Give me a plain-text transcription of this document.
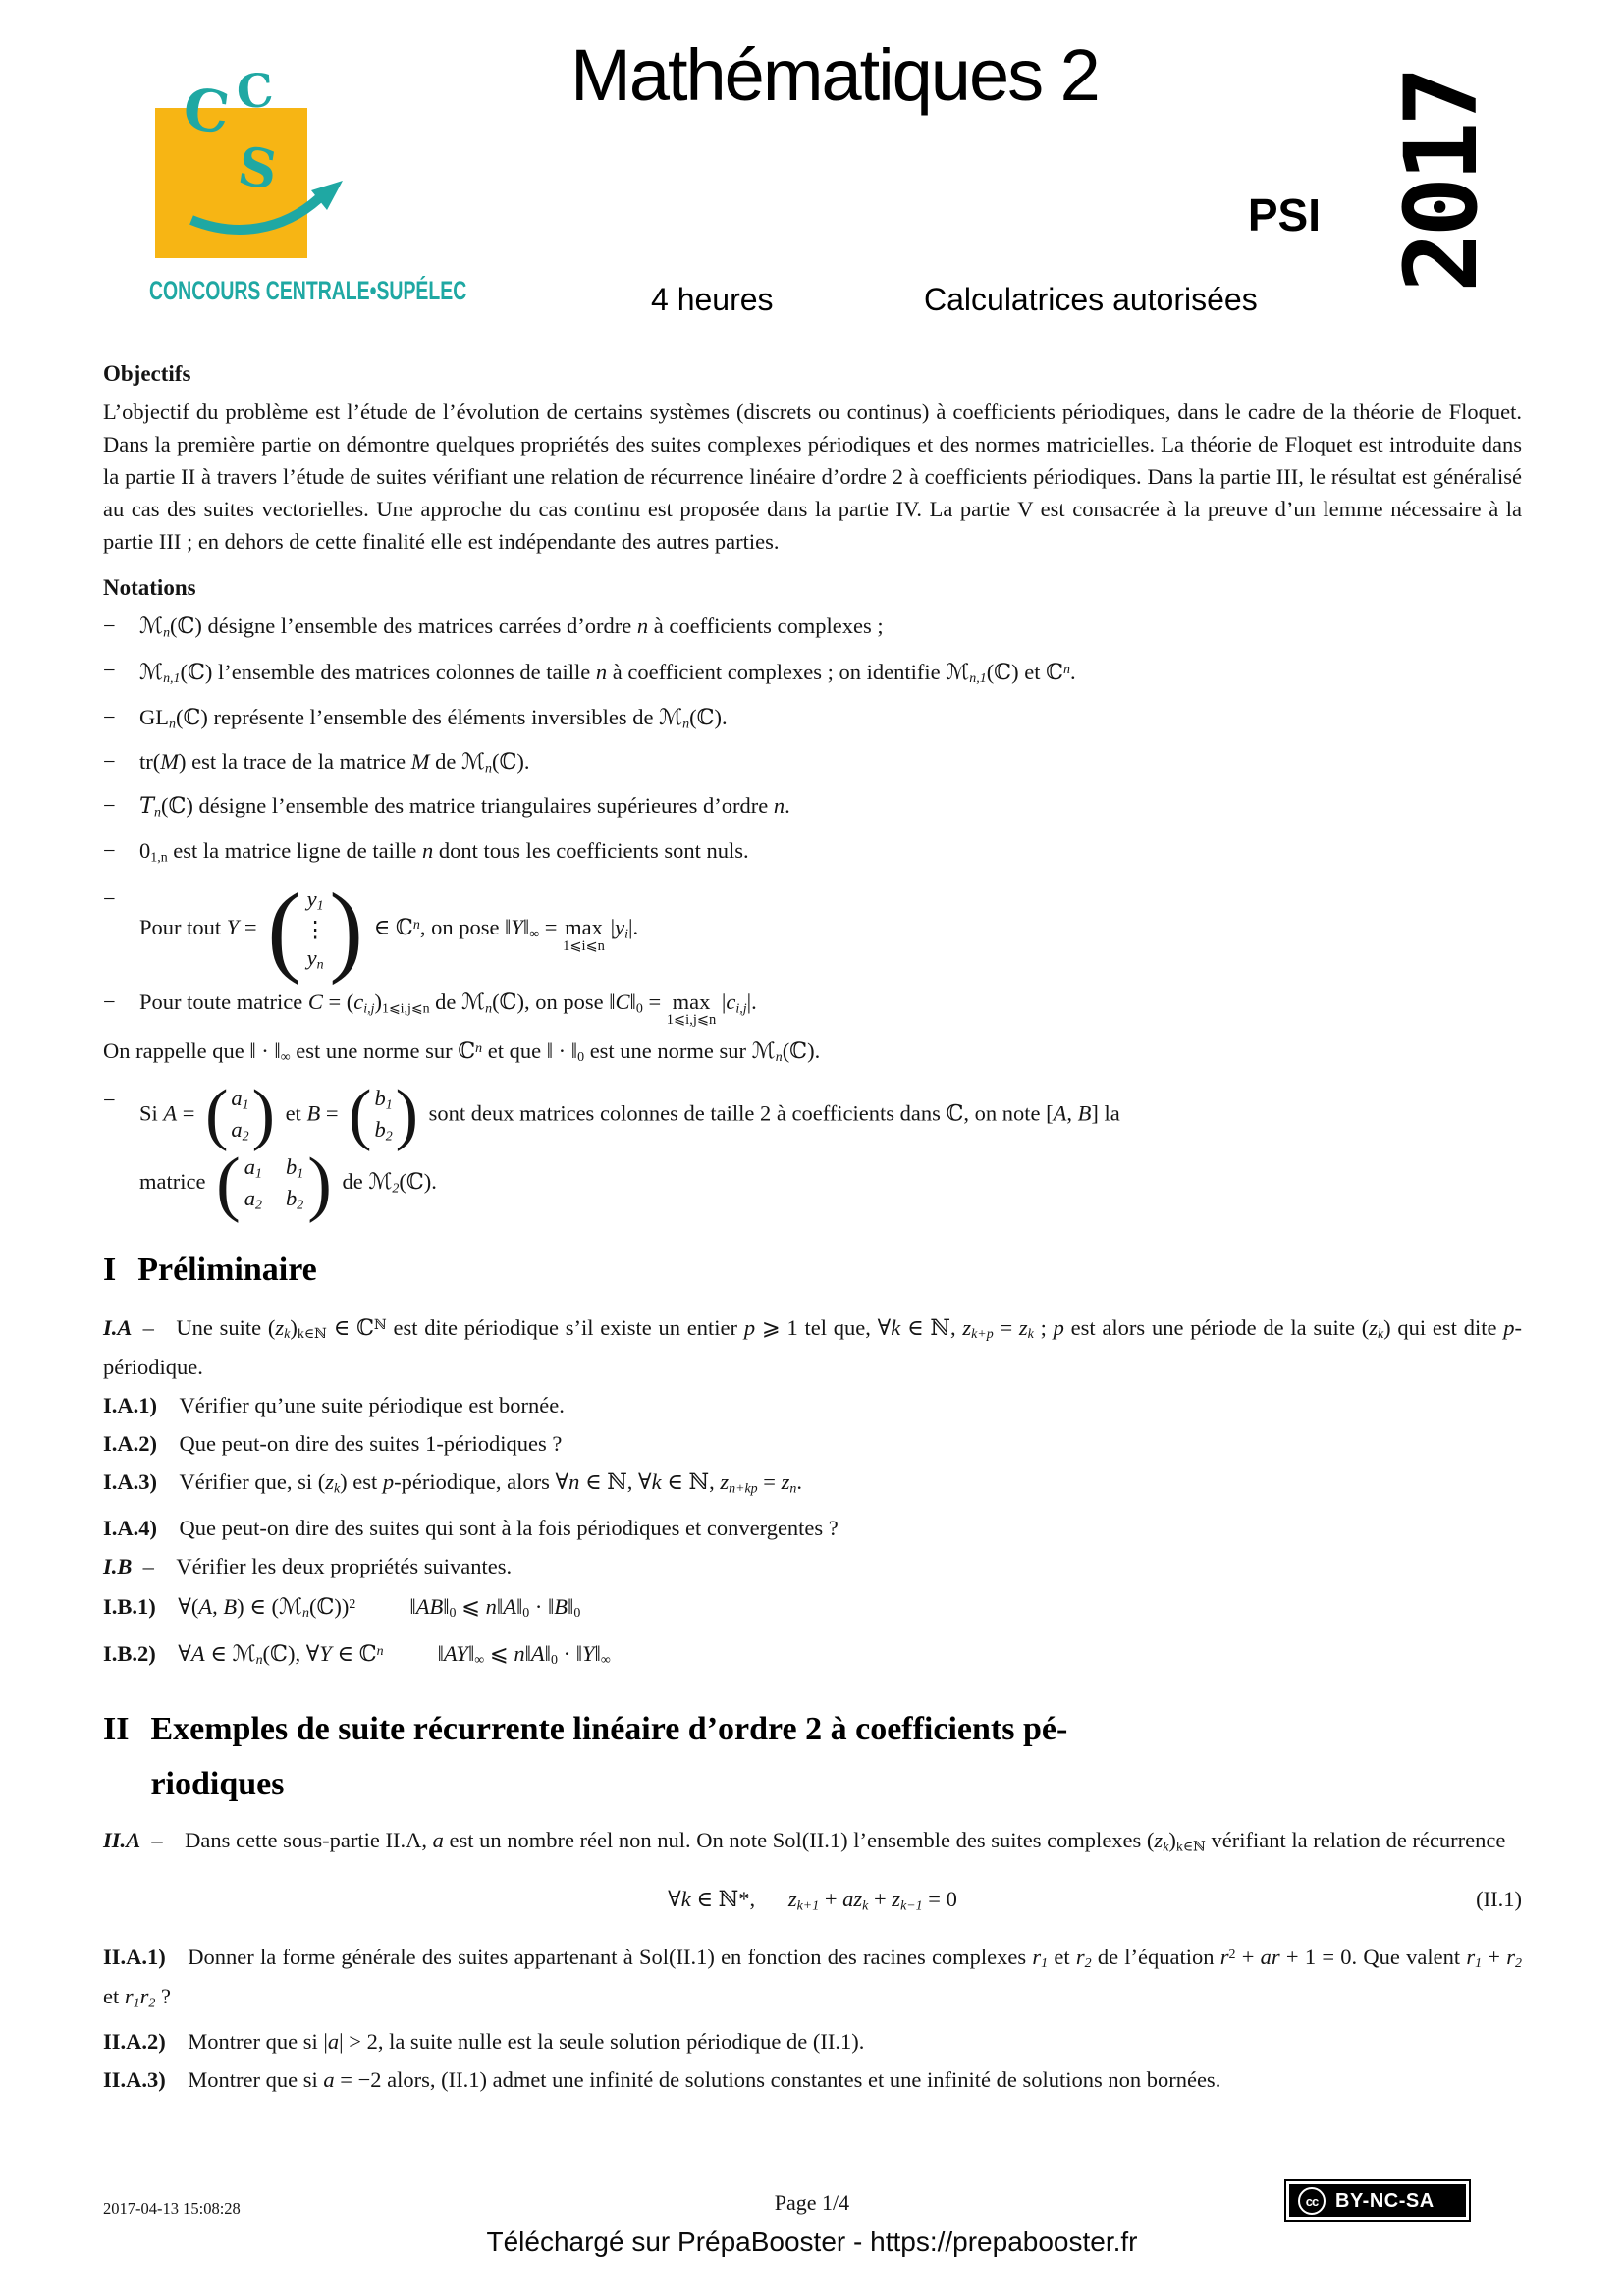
C C
S
CONCOURS CENTRALE•SUPÉLEC
Mathématiques 2
PSI 2017
4 heures	Calculatrices autorisées
Objectifs

L’objectif du problème est l’étude de l’évolution de certains systèmes (discrets ou continus) à coefficients périodiques, dans le cadre de la théorie de Floquet. Dans la première partie on démontre quelques propriétés des suites complexes périodiques et des normes matricielles. La théorie de Floquet est introduite dans la partie II à travers l’étude de suites vérifiant une relation de récurrence linéaire d’ordre 2 à coefficients périodiques. Dans la partie III, le résultat est généralisé au cas des suites vectorielles. Une approche du cas continu est proposée dans la partie IV. La partie V est consacrée à la preuve d’un lemme nécessaire à la partie III ; en dehors de cette finalité elle est indépendante des autres parties.

Notations
−	ℳn(ℂ) désigne l’ensemble des matrices carrées d’ordre n à coefficients complexes ;
−	ℳn,1(ℂ) l’ensemble des matrices colonnes de taille n à coefficient complexes ; on identifie ℳn,1(ℂ) et ℂ$^n$.
−	GLn(ℂ) représente l’ensemble des éléments inversibles de ℳn(ℂ).
−	tr(M) est la trace de la matrice M de ℳn(ℂ).
−	Tn(ℂ) désigne l’ensemble des matrice triangulaires supérieures d’ordre n.
−	01,n est la matrice ligne de taille n dont tous les coefficients sont nuls.
−
Pour tout Y = ( y1
⋮
yn ) ∈ ℂ$^n$, on pose ‖Y‖∞ = max
1⩽i⩽n
|yi|.
−	Pour toute matrice C = (ci,j)1⩽i,j⩽n de ℳn(ℂ), on pose ‖C‖0 = max
1⩽i,j⩽n
|ci,j|.

On rappelle que ‖ · ‖∞ est une norme sur ℂ$^n$ et que ‖ · ‖0 est une norme sur ℳn(ℂ).

−
Si A = ( a1
a2 ) et B = ( b1
b2 ) sont deux matrices colonnes de taille 2 à coefficients dans ℂ, on note [A, B] la
matrice ( a1 b1
a2 b2 ) de ℳ2(ℂ).
I Préliminaire

I.A – Une suite (zk)k∈ℕ ∈ ℂ$^ℕ$ est dite périodique s’il existe un entier p ⩾ 1 tel que, ∀k ∈ ℕ, zk+p = zk ; p est alors une période de la suite (zk) qui est dite p-périodique.

I.A.1) Vérifier qu’une suite périodique est bornée.

I.A.2) Que peut-on dire des suites 1-périodiques ?

I.A.3) Vérifier que, si (zk) est p-périodique, alors ∀n ∈ ℕ, ∀k ∈ ℕ, zn+kp = zn.

I.A.4) Que peut-on dire des suites qui sont à la fois périodiques et convergentes ?

I.B – Vérifier les deux propriétés suivantes.

I.B.1) ∀(A, B) ∈ (ℳn(ℂ))$^2$ ‖AB‖0 ⩽ n‖A‖0 · ‖B‖0

I.B.2) ∀A ∈ ℳn(ℂ), ∀Y ∈ ℂ$^n$ ‖AY‖∞ ⩽ n‖A‖0 · ‖Y‖∞

II Exemples de suite récurrente linéaire d’ordre 2 à coefficients pé-
riodiques

II.A – Dans cette sous-partie II.A, a est un nombre réel non nul. On note Sol(II.1) l’ensemble des suites complexes (zk)k∈ℕ vérifiant la relation de récurrence

∀k ∈ ℕ*,  zk+1 + azk + zk−1 = 0	(II.1)

II.A.1) Donner la forme générale des suites appartenant à Sol(II.1) en fonction des racines complexes r1 et r2 de l’équation $r^2$ + ar + 1 = 0. Que valent r1 + r2 et r1r2 ?

II.A.2) Montrer que si |a| > 2, la suite nulle est la seule solution périodique de (II.1).

II.A.3) Montrer que si a = −2 alors, (II.1) admet une infinité de solutions constantes et une infinité de solutions non bornées.

2017-04-13 15:08:28	Page 1/4	cc BY-NC-SA
Téléchargé sur PrépaBooster - https://prepabooster.fr
